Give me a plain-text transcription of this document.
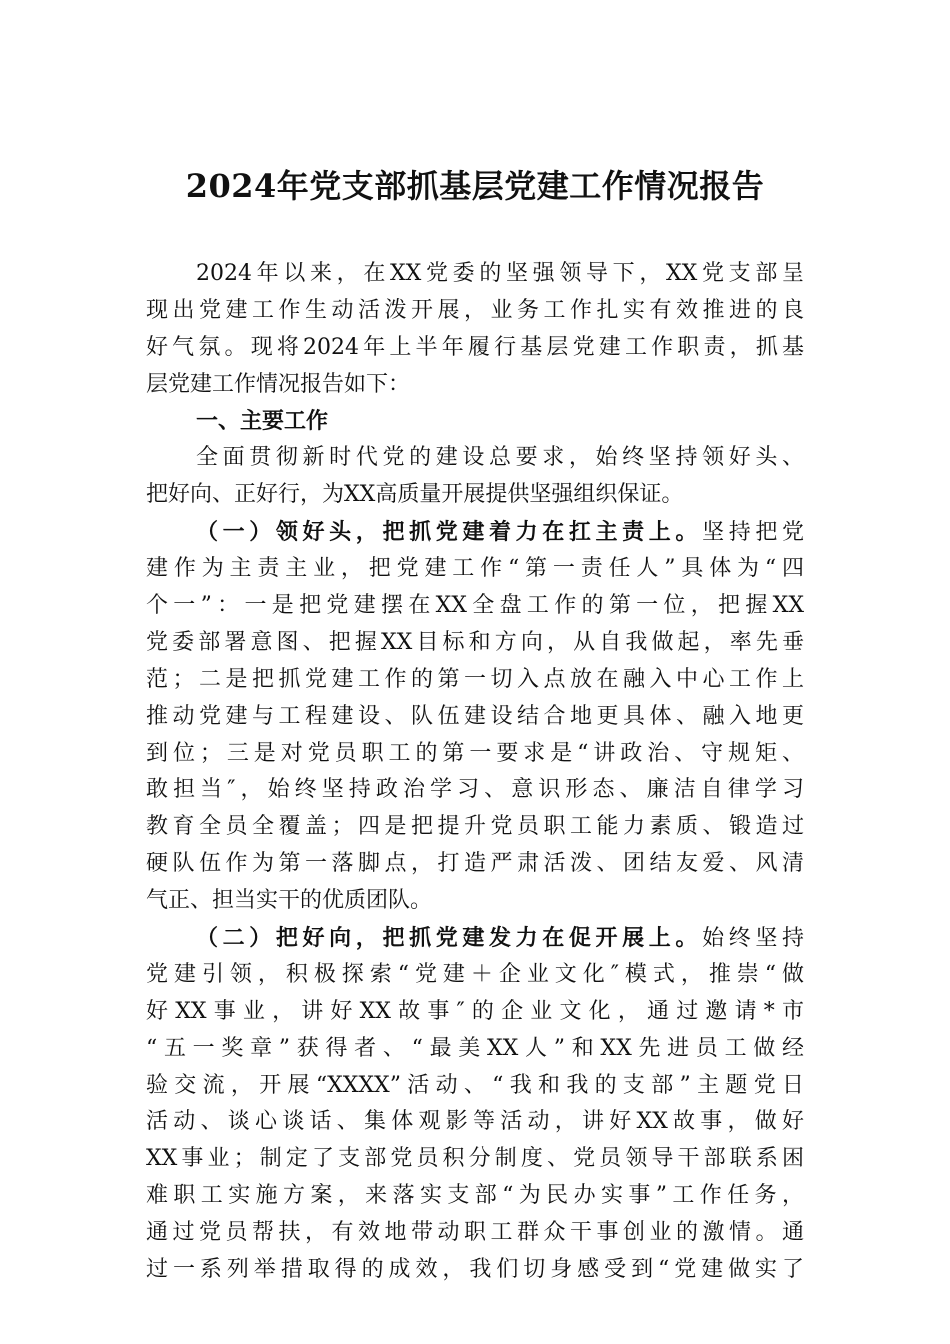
2024年党支部抓基层党建工作情况报告
2024年以来，在XX党委的坚强领导下，XX党支部呈
现出党建工作生动活泼开展，业务工作扎实有效推进的良
好气氛。现将2024年上半年履行基层党建工作职责，抓基
层党建工作情况报告如下：
一、主要工作
全面贯彻新时代党的建设总要求，始终坚持领好头、
把好向、正好行，为XX高质量开展提供坚强组织保证。
（一）领好头，把抓党建着力在扛主责上。坚持把党
建作为主责主业，把党建工作“第一责任人”具体为“四
个一”：一是把党建摆在XX全盘工作的第一位，把握XX
党委部署意图、把握XX目标和方向，从自我做起，率先垂
范；二是把抓党建工作的第一切入点放在融入中心工作上
推动党建与工程建设、队伍建设结合地更具体、融入地更
到位；三是对党员职工的第一要求是“讲政治、守规矩、
敢担当″，始终坚持政治学习、意识形态、廉洁自律学习
教育全员全覆盖；四是把提升党员职工能力素质、锻造过
硬队伍作为第一落脚点，打造严肃活泼、团结友爱、风清
气正、担当实干的优质团队。
（二）把好向，把抓党建发力在促开展上。始终坚持
党建引领，积极探索“党建＋企业文化″模式，推崇“做
好XX事业，讲好XX故事″的企业文化，通过邀请*市
“五一奖章”获得者、“最美XX人”和XX先进员工做经
验交流，开展“XXXX”活动、“我和我的支部”主题党日
活动、谈心谈话、集体观影等活动，讲好XX故事，做好
XX事业；制定了支部党员积分制度、党员领导干部联系困
难职工实施方案，来落实支部“为民办实事”工作任务，
通过党员帮扶，有效地带动职工群众干事创业的激情。通
过一系列举措取得的成效，我们切身感受到“党建做实了
